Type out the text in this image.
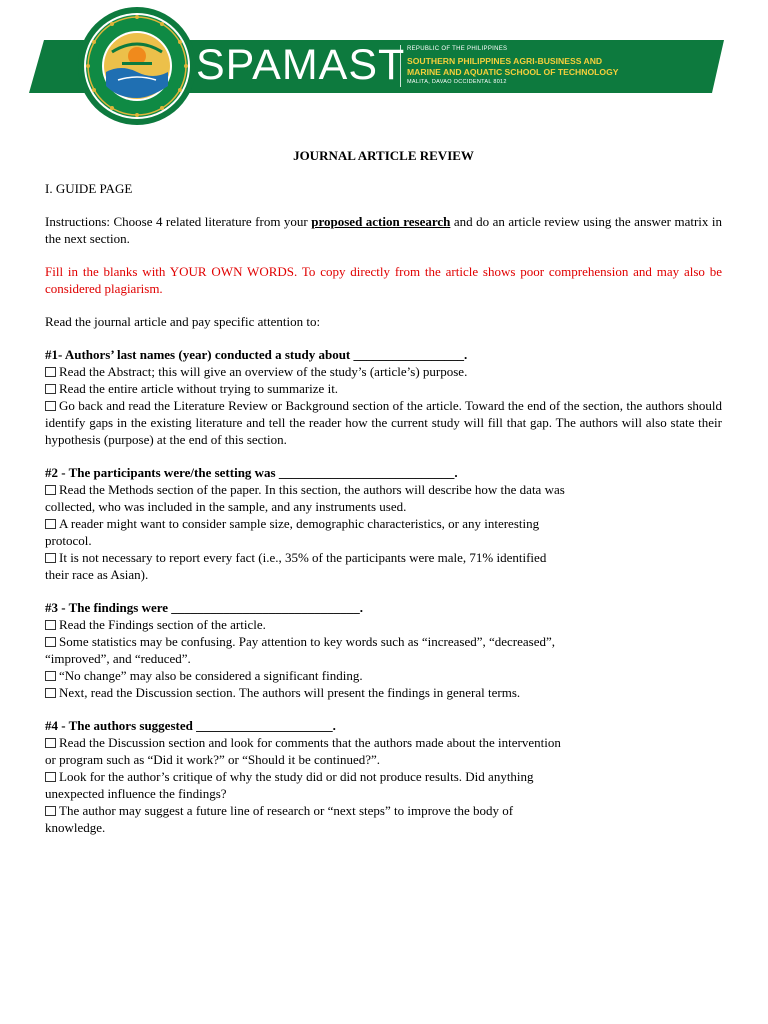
SPAMAST REPUBLIC OF THE PHILIPPINES
SOUTHERN PHILIPPINES AGRI-BUSINESS AND
MARINE AND AQUATIC SCHOOL OF TECHNOLOGY
MALITA, DAVAO OCCIDENTAL 8012

JOURNAL ARTICLE REVIEW

I. GUIDE PAGE

Instructions: Choose 4 related literature from your proposed action research and do an article review using the answer matrix in the next section.

Fill in the blanks with YOUR OWN WORDS. To copy directly from the article shows poor comprehension and may also be considered plagiarism.

Read the journal article and pay specific attention to:

#1- Authors’ last names (year) conducted a study about _________________.

Read the Abstract; this will give an overview of the study’s (article’s) purpose.

Read the entire article without trying to summarize it.

Go back and read the Literature Review or Background section of the article. Toward the end of the section, the authors should identify gaps in the existing literature and tell the reader how the current study will fill that gap. The authors will also state their hypothesis (purpose) at the end of this section.

#2 - The participants were/the setting was ___________________________.

Read the Methods section of the paper. In this section, the authors will describe how the data was

collected, who was included in the sample, and any instruments used.

A reader might want to consider sample size, demographic characteristics, or any interesting

protocol.

It is not necessary to report every fact (i.e., 35% of the participants were male, 71% identified

their race as Asian).

#3 - The findings were _____________________________.

Read the Findings section of the article.

Some statistics may be confusing. Pay attention to key words such as “increased”, “decreased”,

“improved”, and “reduced”.

“No change” may also be considered a significant finding.

Next, read the Discussion section. The authors will present the findings in general terms.

#4 - The authors suggested _____________________.

Read the Discussion section and look for comments that the authors made about the intervention

or program such as “Did it work?” or “Should it be continued?”.

Look for the author’s critique of why the study did or did not produce results. Did anything

unexpected influence the findings?

The author may suggest a future line of research or “next steps” to improve the body of

knowledge.
